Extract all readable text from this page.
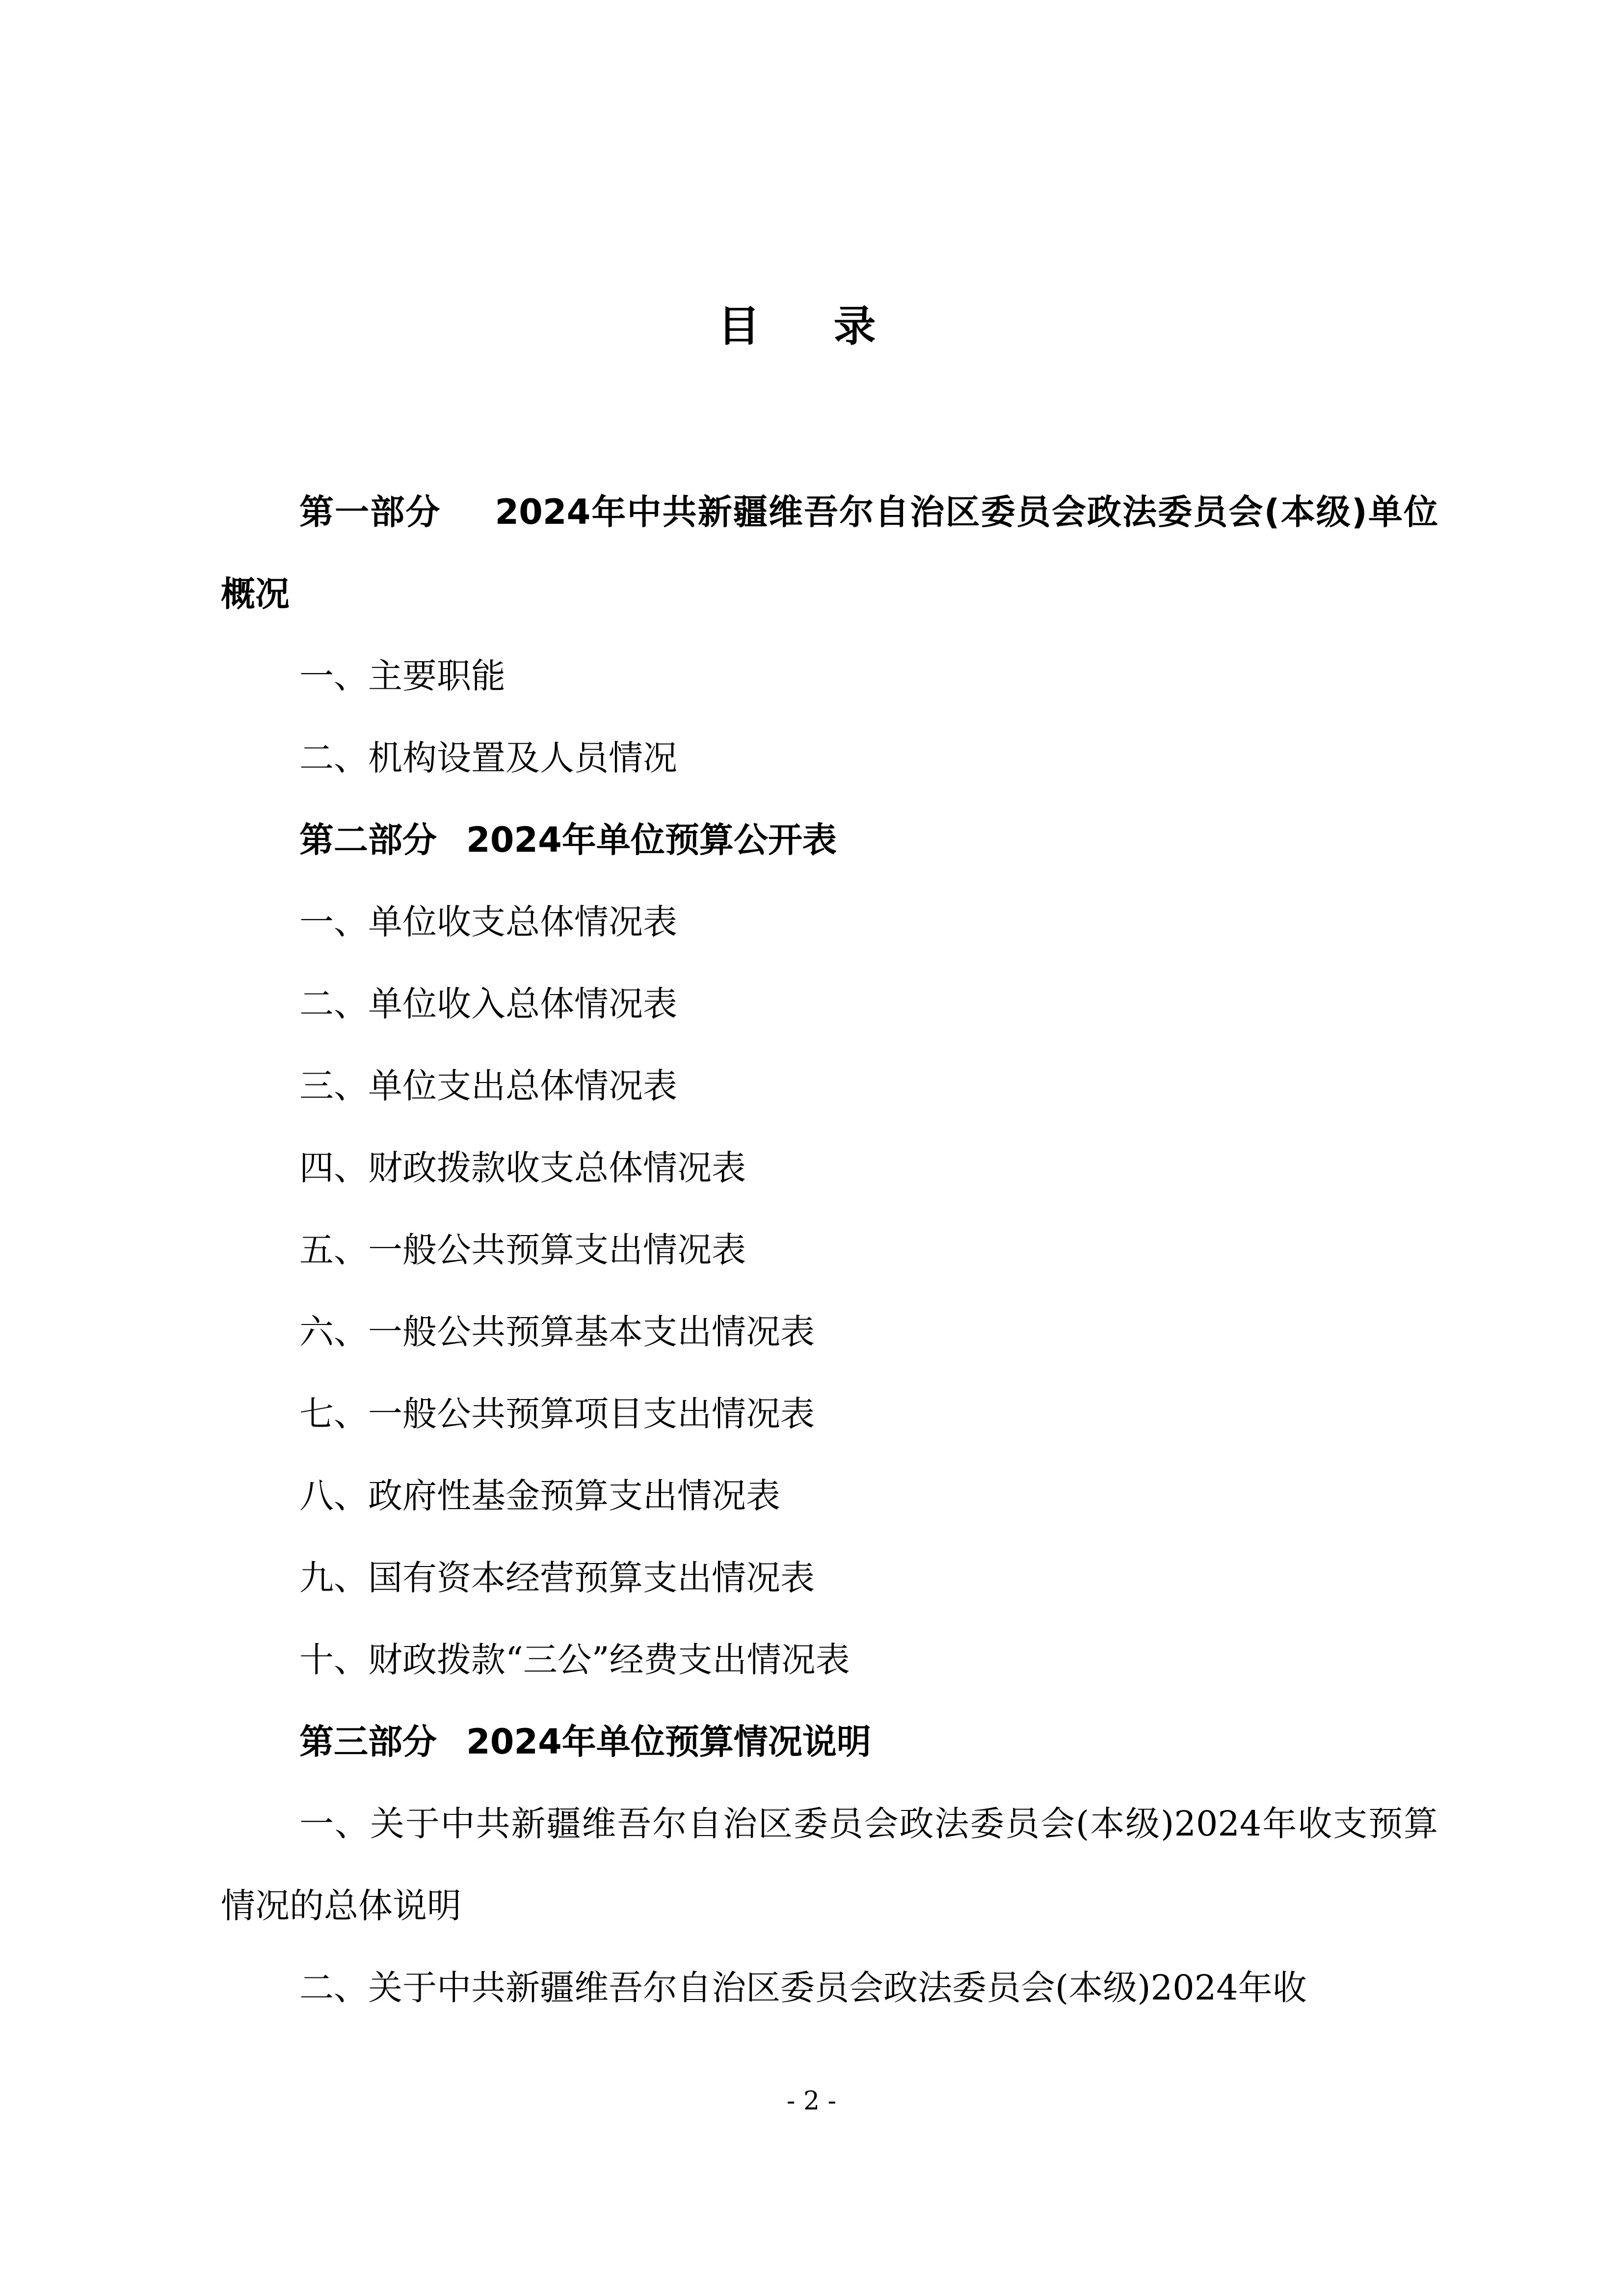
目 录
第一部分 2024年中共新疆维吾尔自治区委员会政法委员会(本级)单位概况
一、主要职能
二、机构设置及人员情况
第二部分 2024年单位预算公开表
一、单位收支总体情况表
二、单位收入总体情况表
三、单位支出总体情况表
四、财政拨款收支总体情况表
五、一般公共预算支出情况表
六、一般公共预算基本支出情况表
七、一般公共预算项目支出情况表
八、政府性基金预算支出情况表
九、国有资本经营预算支出情况表
十、财政拨款“三公”经费支出情况表
第三部分 2024年单位预算情况说明
一、关于中共新疆维吾尔自治区委员会政法委员会(本级)2024年收支预算情况的总体说明
二、关于中共新疆维吾尔自治区委员会政法委员会(本级)2024年收
- 2 -
